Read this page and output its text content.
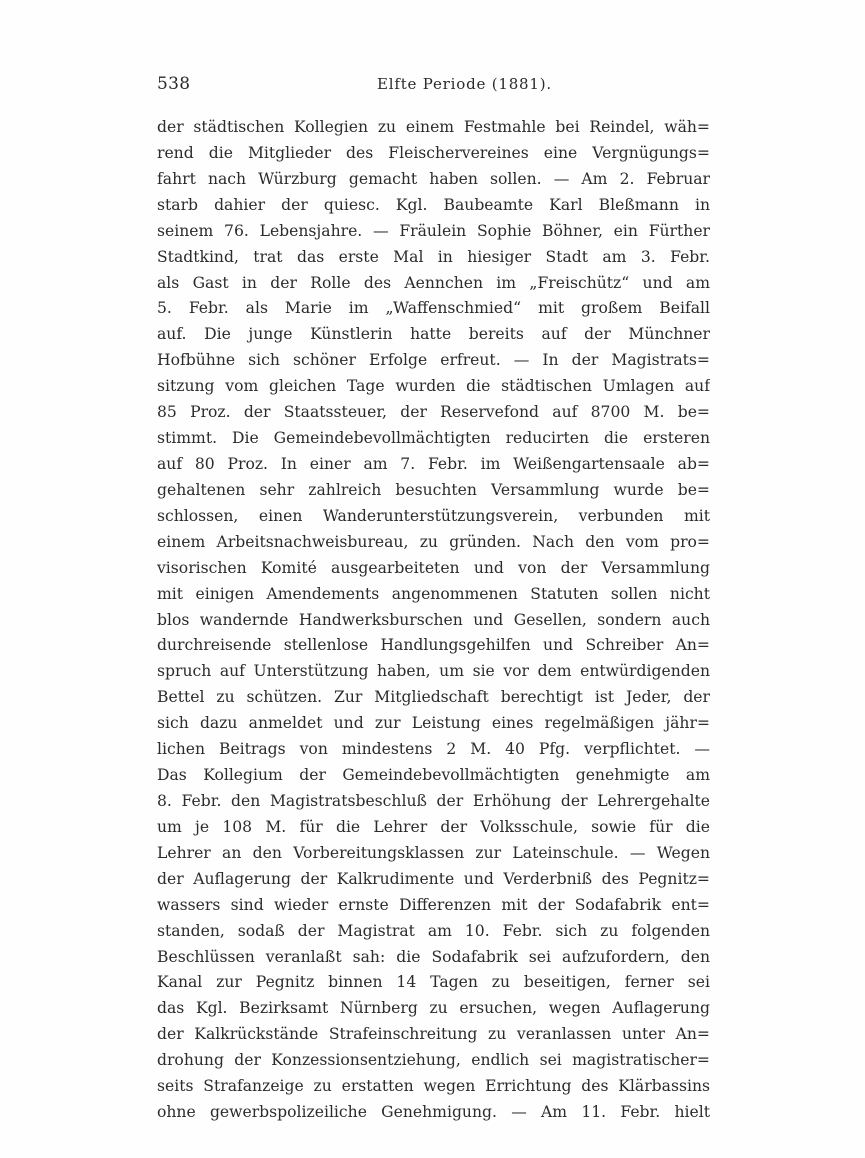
538	Elfte Periode (1881).
der städtischen Kollegien zu einem Festmahle bei Reindel, wäh=
rend die Mitglieder des Fleischervereines eine Vergnügungs=
fahrt nach Würzburg gemacht haben sollen. — Am 2. Februar
starb dahier der quiesc. Kgl. Baubeamte Karl Bleßmann in
seinem 76. Lebensjahre. — Fräulein Sophie Böhner, ein Fürther
Stadtkind, trat das erste Mal in hiesiger Stadt am 3. Febr.
als Gast in der Rolle des Aennchen im „Freischütz“ und am
5. Febr. als Marie im „Waffenschmied“ mit großem Beifall
auf. Die junge Künstlerin hatte bereits auf der Münchner
Hofbühne sich schöner Erfolge erfreut. — In der Magistrats=
sitzung vom gleichen Tage wurden die städtischen Umlagen auf
85 Proz. der Staatssteuer, der Reservefond auf 8700 M. be=
stimmt. Die Gemeindebevollmächtigten reducirten die ersteren
auf 80 Proz. In einer am 7. Febr. im Weißengartensaale ab=
gehaltenen sehr zahlreich besuchten Versammlung wurde be=
schlossen, einen Wanderunterstützungsverein, verbunden mit
einem Arbeitsnachweisbureau, zu gründen. Nach den vom pro=
visorischen Komité ausgearbeiteten und von der Versammlung
mit einigen Amendements angenommenen Statuten sollen nicht
blos wandernde Handwerksburschen und Gesellen, sondern auch
durchreisende stellenlose Handlungsgehilfen und Schreiber An=
spruch auf Unterstützung haben, um sie vor dem entwürdigenden
Bettel zu schützen. Zur Mitgliedschaft berechtigt ist Jeder, der
sich dazu anmeldet und zur Leistung eines regelmäßigen jähr=
lichen Beitrags von mindestens 2 M. 40 Pfg. verpflichtet. —
Das Kollegium der Gemeindebevollmächtigten genehmigte am
8. Febr. den Magistratsbeschluß der Erhöhung der Lehrergehalte
um je 108 M. für die Lehrer der Volksschule, sowie für die
Lehrer an den Vorbereitungsklassen zur Lateinschule. — Wegen
der Auflagerung der Kalkrudimente und Verderbniß des Pegnitz=
wassers sind wieder ernste Differenzen mit der Sodafabrik ent=
standen, sodaß der Magistrat am 10. Febr. sich zu folgenden
Beschlüssen veranlaßt sah: die Sodafabrik sei aufzufordern, den
Kanal zur Pegnitz binnen 14 Tagen zu beseitigen, ferner sei
das Kgl. Bezirksamt Nürnberg zu ersuchen, wegen Auflagerung
der Kalkrückstände Strafeinschreitung zu veranlassen unter An=
drohung der Konzessionsentziehung, endlich sei magistratischer=
seits Strafanzeige zu erstatten wegen Errichtung des Klärbassins
ohne gewerbspolizeiliche Genehmigung. — Am 11. Febr. hielt
